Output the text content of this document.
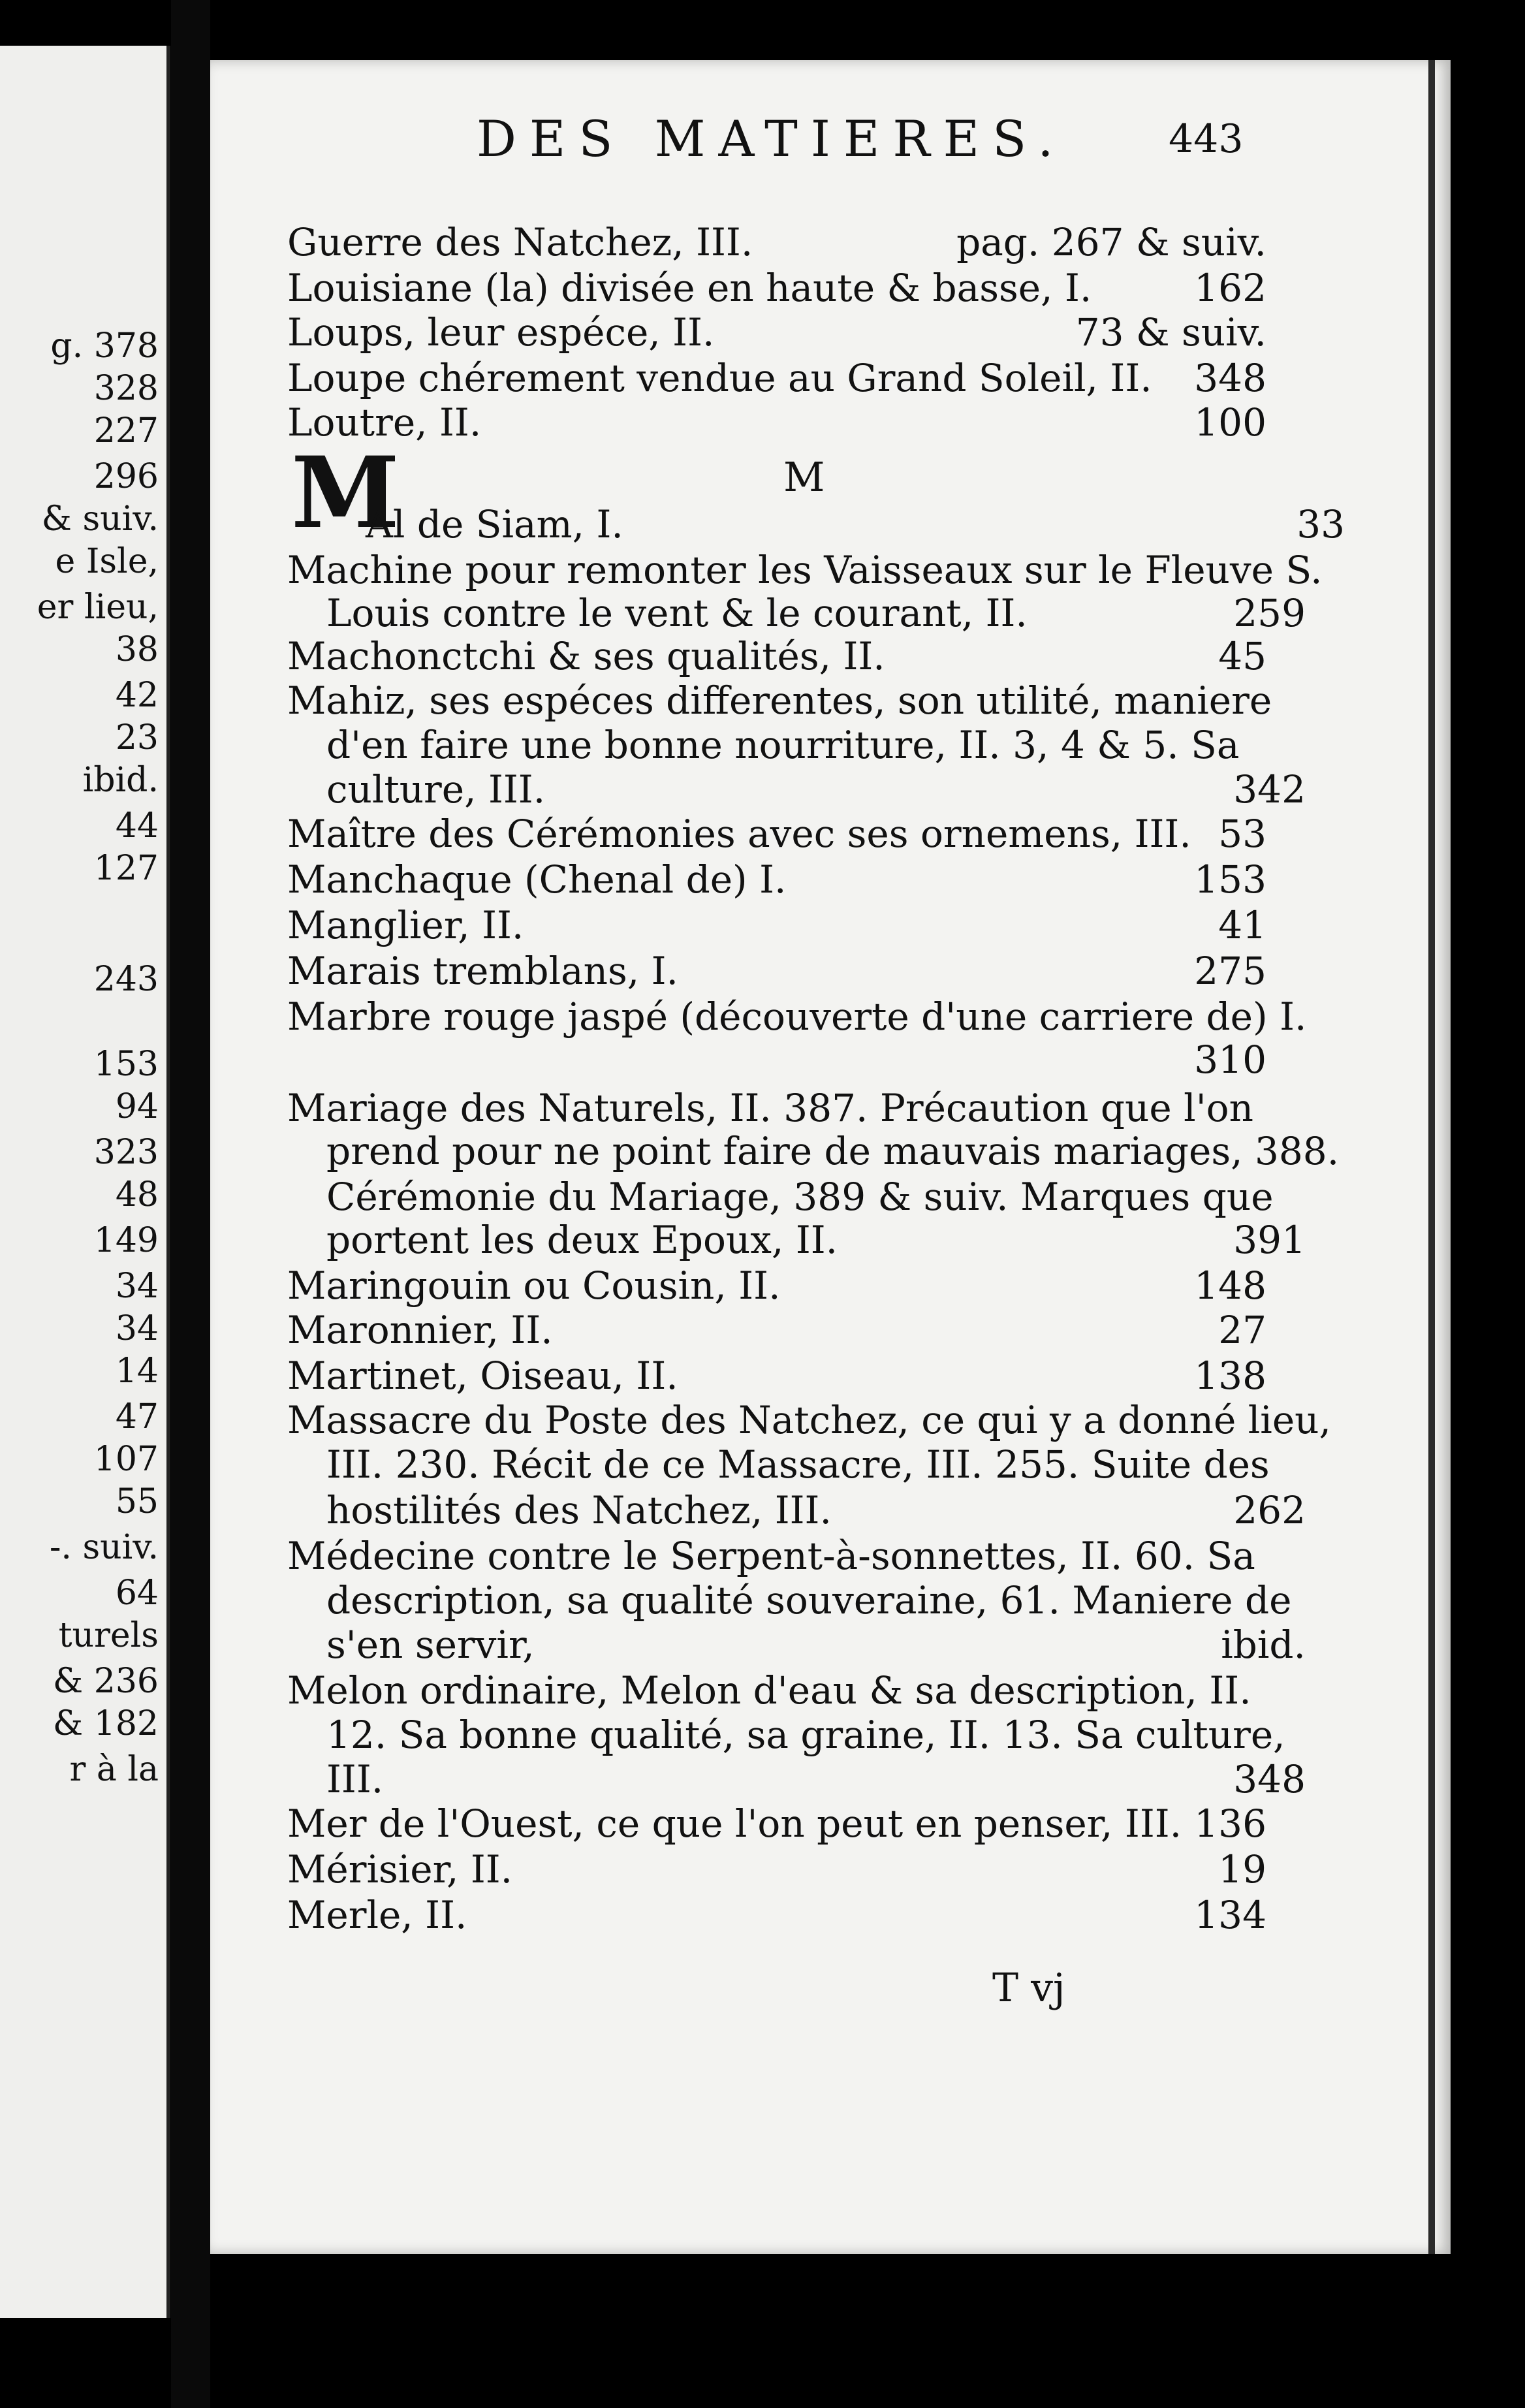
g. 378
328
227
296
& suiv.
e Isle,
er lieu,
38
42
23
ibid.
44
127
243
153
94
323
48
149
34
34
14
47
107
55
-. suiv.
64
turels
& 236
& 182
r à la
DES MATIERES.	443
Guerre des Natchez, III.	pag. 267 & suiv.
Louisiane (la) divisée en haute & basse, I.	162
Loups, leur espéce, II.	73 & suiv.
Loupe chérement vendue au Grand Soleil, II. 348
Loutre, II.	100
M
M
Al de Siam, I.	33
Machine pour remonter les Vaisseaux sur le Fleuve S.
Louis contre le vent & le courant, II.	259
Machonctchi & ses qualités, II.	45
Mahiz, ses espéces differentes, son utilité, maniere
d'en faire une bonne nourriture, II. 3, 4 & 5. Sa
culture, III.	342
Maître des Cérémonies avec ses ornemens, III. 53
Manchaque (Chenal de) I.	153
Manglier, II.	41
Marais tremblans, I.	275
Marbre rouge jaspé (découverte d'une carriere de) I.
310
Mariage des Naturels, II. 387. Précaution que l'on
prend pour ne point faire de mauvais mariages, 388.
Cérémonie du Mariage, 389 & suiv. Marques que
portent les deux Epoux, II.	391
Maringouin ou Cousin, II.	148
Maronnier, II.	27
Martinet, Oiseau, II.	138
Massacre du Poste des Natchez, ce qui y a donné lieu,
III. 230. Récit de ce Massacre, III. 255. Suite des
hostilités des Natchez, III.	262
Médecine contre le Serpent-à-sonnettes, II. 60. Sa
description, sa qualité souveraine, 61. Maniere de
s'en servir,	ibid.
Melon ordinaire, Melon d'eau & sa description, II.
12. Sa bonne qualité, sa graine, II. 13. Sa culture,
III.	348
Mer de l'Ouest, ce que l'on peut en penser, III. 136
Mérisier, II.	19
Merle, II.	134
T vj
